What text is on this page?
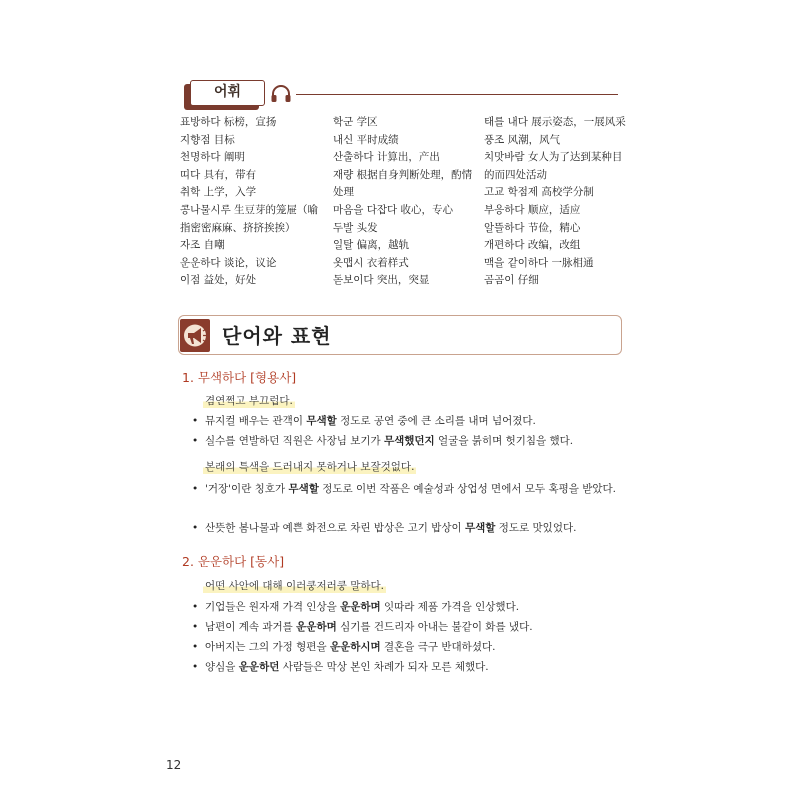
어휘
표방하다 标榜，宣扬
지향점 目标
천명하다 阐明
띠다 具有，带有
취학 上学，入学
콩나물시루 生豆芽的笼屉（喻
指密密麻麻、挤挤挨挨）
자조 自嘲
운운하다 谈论，议论
이점 益处，好处
학군 学区
내신 平时成绩
산출하다 计算出，产出
재량 根据自身判断处理，酌情
处理
마음을 다잡다 收心，专心
두발 头发
일탈 偏离，越轨
옷맵시 衣着样式
돋보이다 突出，突显
태를 내다 展示姿态，一展风采
풍조 风潮，风气
치맛바람 女人为了达到某种目
的而四处活动
고교 학점제 高校学分制
부응하다 顺应，适应
알뜰하다 节俭，精心
개편하다 改编，改组
맥을 같이하다 一脉相通
곰곰이 仔细
단어와 표현
1. 무색하다 [형용사]
겸연쩍고 부끄럽다.
• 뮤지컬 배우는 관객이 무색할 정도로 공연 중에 큰 소리를 내며 넘어졌다.
• 실수를 연발하던 직원은 사장님 보기가 무색했던지 얼굴을 붉히며 헛기침을 했다.
본래의 특색을 드러내지 못하거나 보잘것없다.
• '거장'이란 칭호가 무색할 정도로 이번 작품은 예술성과 상업성 면에서 모두 혹평을 받았다.
• 산뜻한 봄나물과 예쁜 화전으로 차린 밥상은 고기 밥상이 무색할 정도로 맛있었다.
2. 운운하다 [동사]
어떤 사안에 대해 이러쿵저러쿵 말하다.
• 기업들은 원자재 가격 인상을 운운하며 잇따라 제품 가격을 인상했다.
• 남편이 계속 과거를 운운하며 심기를 건드리자 아내는 불같이 화를 냈다.
• 아버지는 그의 가정 형편을 운운하시며 결혼을 극구 반대하셨다.
• 양심을 운운하던 사람들은 막상 본인 차례가 되자 모른 체했다.
12
